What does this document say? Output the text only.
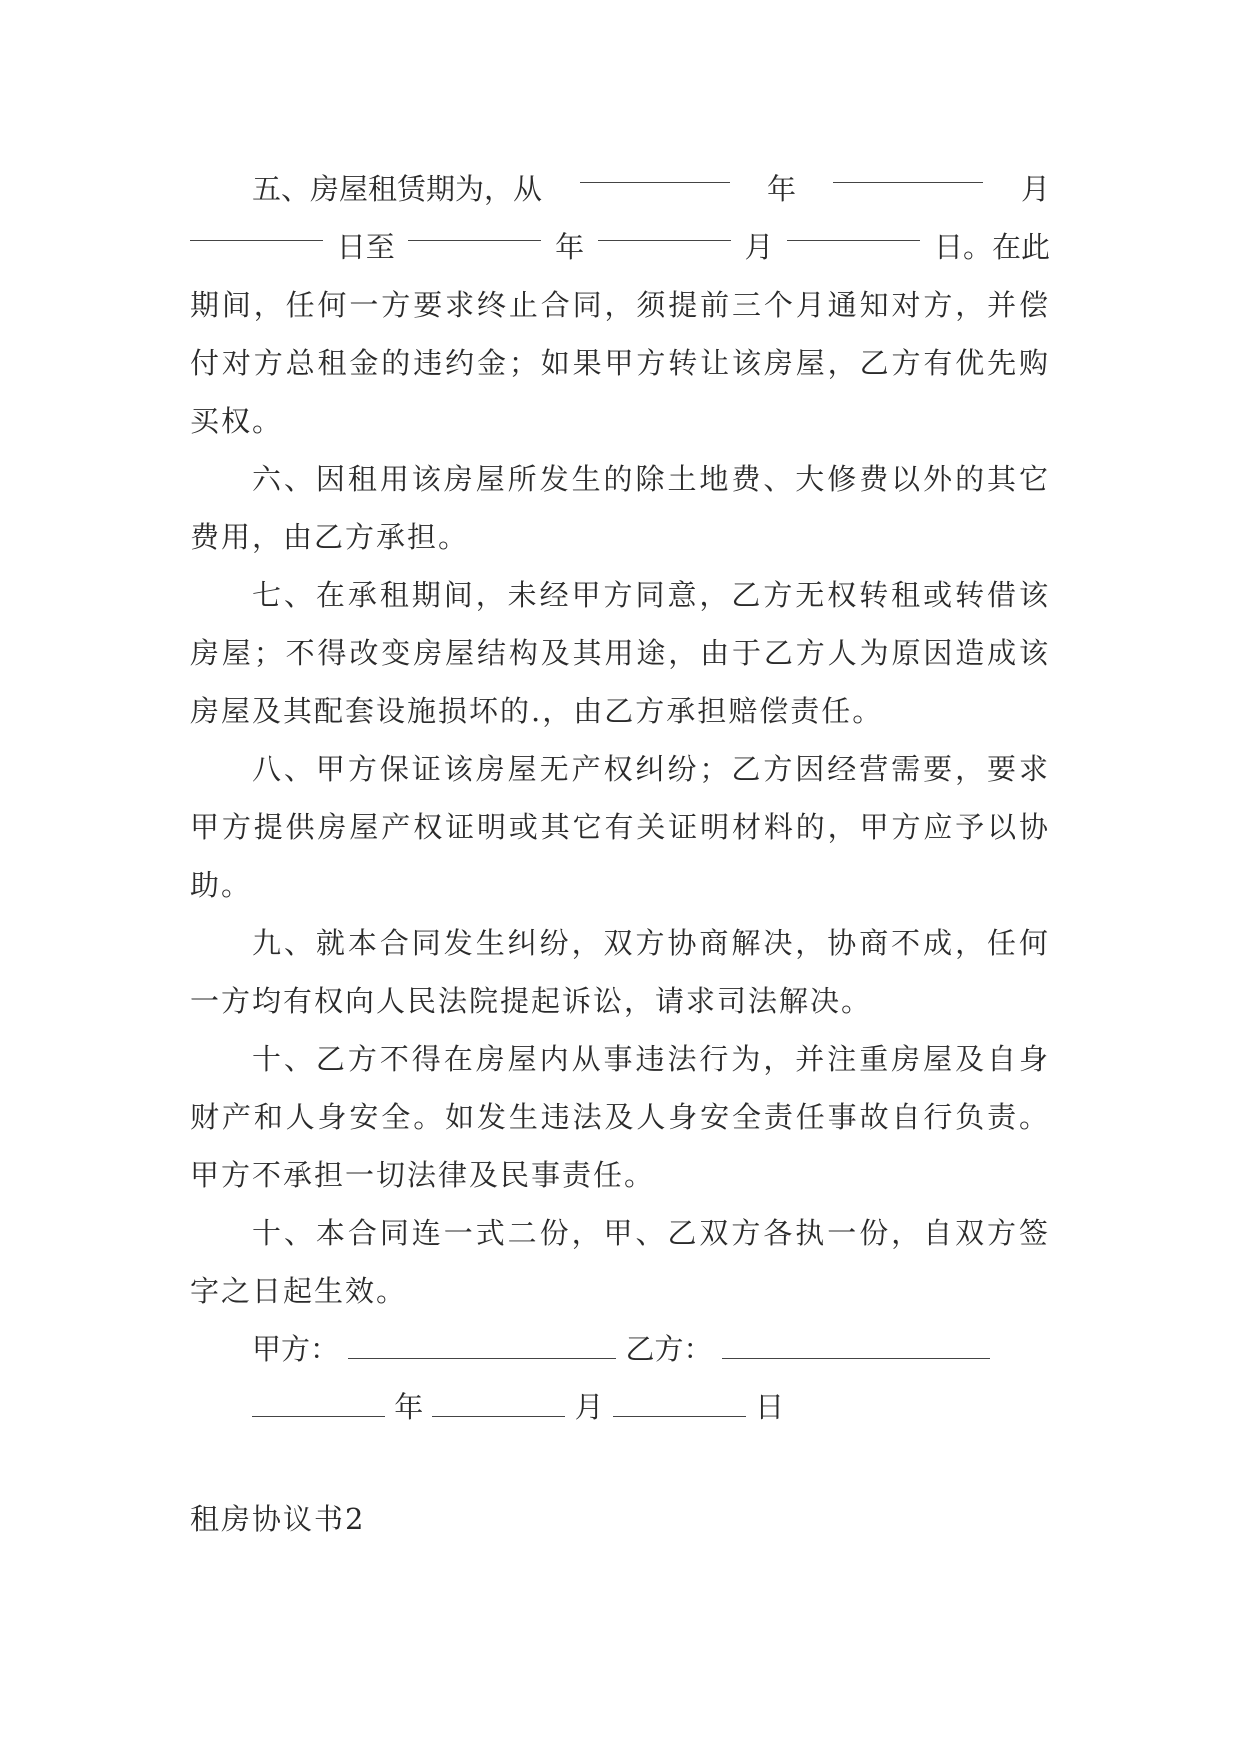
五、房屋租赁期为，从	年	月
日至	年	月	日。在此

期间，任何一方要求终止合同，须提前三个月通知对方，并偿付对方总租金的违约金；如果甲方转让该房屋，乙方有优先购买权。

六、因租用该房屋所发生的除土地费、大修费以外的其它费用，由乙方承担。

七、在承租期间，未经甲方同意，乙方无权转租或转借该房屋；不得改变房屋结构及其用途，由于乙方人为原因造成该房屋及其配套设施损坏的.，由乙方承担赔偿责任。

八、甲方保证该房屋无产权纠纷；乙方因经营需要，要求甲方提供房屋产权证明或其它有关证明材料的，甲方应予以协助。

九、就本合同发生纠纷，双方协商解决，协商不成，任何一方均有权向人民法院提起诉讼，请求司法解决。

十、乙方不得在房屋内从事违法行为，并注重房屋及自身财产和人身安全。如发生违法及人身安全责任事故自行负责。甲方不承担一切法律及民事责任。

十、本合同连一式二份，甲、乙双方各执一份，自双方签字之日起生效。

甲方：	乙方：
年	月	日
租房协议书2
